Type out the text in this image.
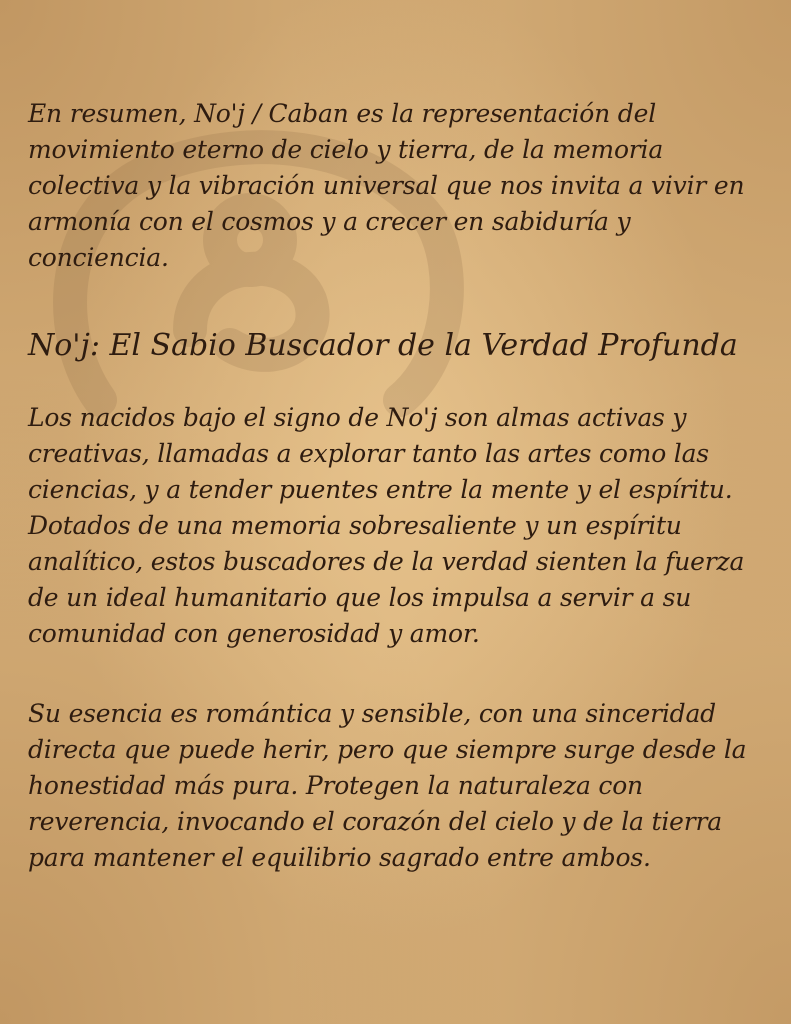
En resumen, No'j / Caban es la representación del movimiento eterno de cielo y tierra, de la memoria colectiva y la vibración universal que nos invita a vivir en armonía con el cosmos y a crecer en sabiduría y conciencia.

No'j: El Sabio Buscador de la Verdad Profunda

Los nacidos bajo el signo de No'j son almas activas y creativas, llamadas a explorar tanto las artes como las ciencias, y a tender puentes entre la mente y el espíritu. Dotados de una memoria sobresaliente y un espíritu analítico, estos buscadores de la verdad sienten la fuerza de un ideal humanitario que los impulsa a servir a su comunidad con generosidad y amor.

Su esencia es romántica y sensible, con una sinceridad directa que puede herir, pero que siempre surge desde la honestidad más pura. Protegen la naturaleza con reverencia, invocando el corazón del cielo y de la tierra para mantener el equilibrio sagrado entre ambos.
